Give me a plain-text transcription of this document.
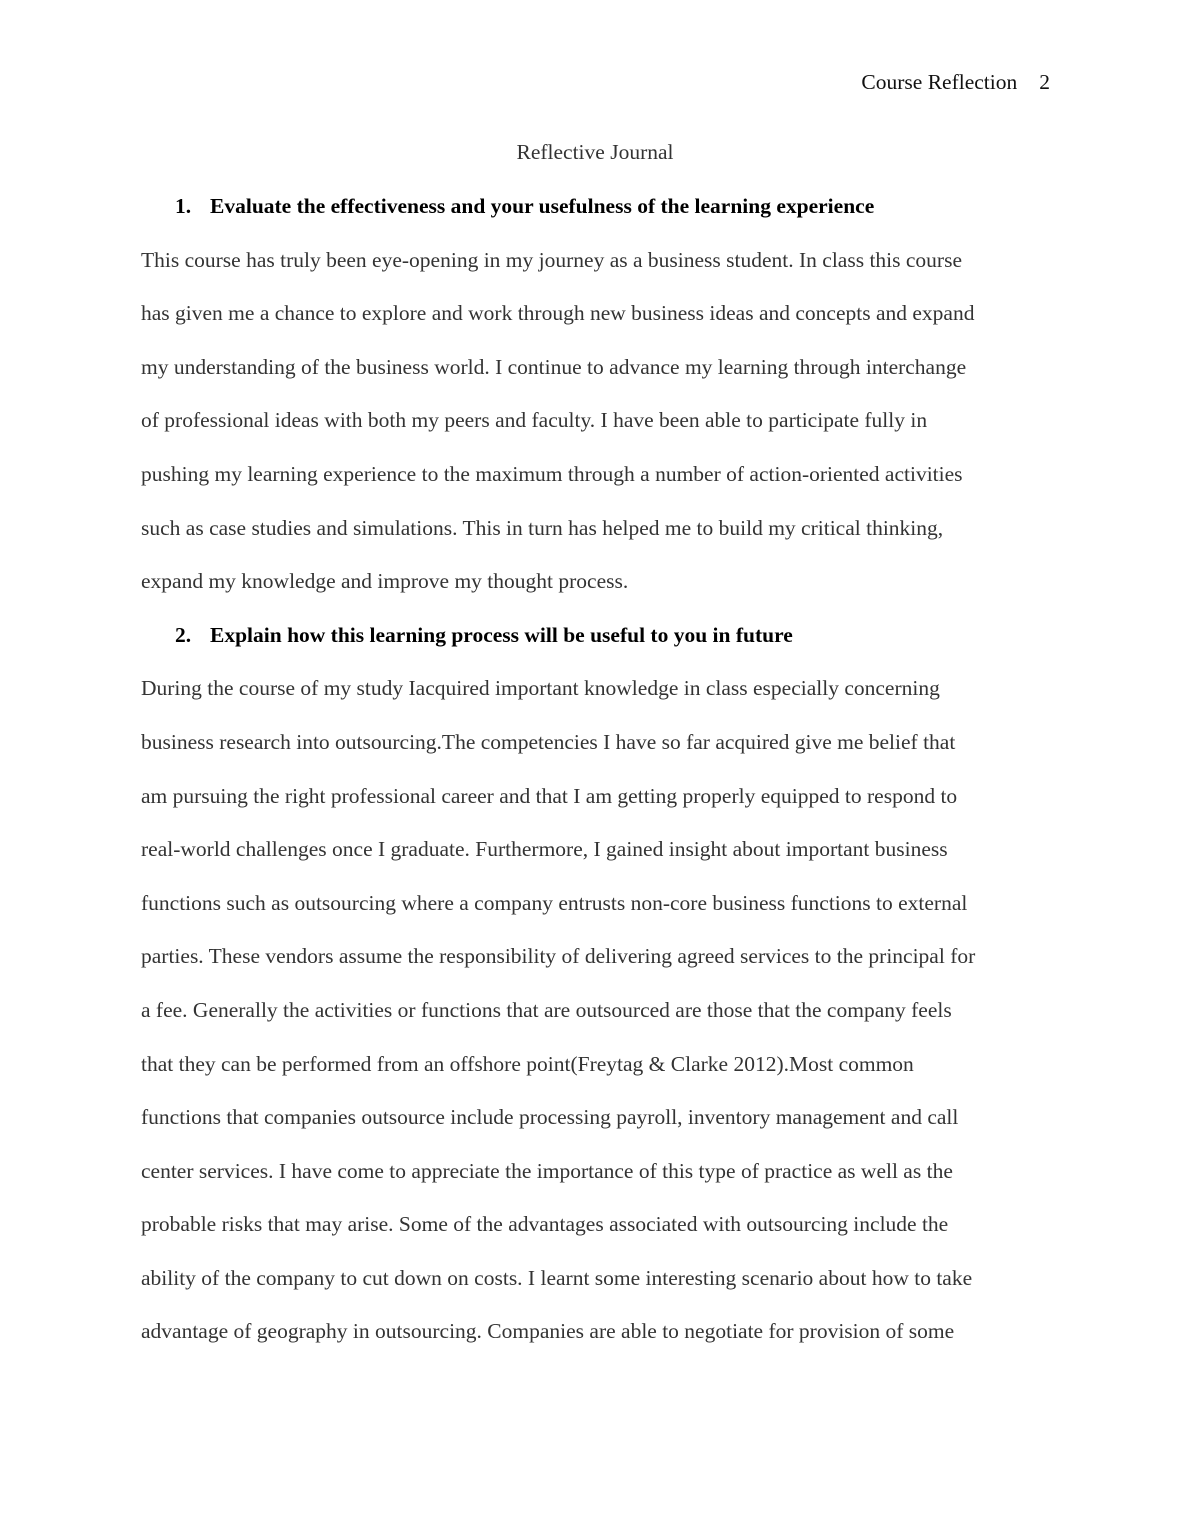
Course Reflection 2
Reflective Journal
1. Evaluate the effectiveness and your usefulness of the learning experience
This course has truly been eye-opening in my journey as a business student. In class this course
has given me a chance to explore and work through new business ideas and concepts and expand
my understanding of the business world. I continue to advance my learning through interchange
of professional ideas with both my peers and faculty. I have been able to participate fully in
pushing my learning experience to the maximum through a number of action-oriented activities
such as case studies and simulations. This in turn has helped me to build my critical thinking,
expand my knowledge and improve my thought process.
2. Explain how this learning process will be useful to you in future
During the course of my study Iacquired important knowledge in class especially concerning
business research into outsourcing.The competencies I have so far acquired give me belief that
am pursuing the right professional career and that I am getting properly equipped to respond to
real-world challenges once I graduate. Furthermore, I gained insight about important business
functions such as outsourcing where a company entrusts non-core business functions to external
parties. These vendors assume the responsibility of delivering agreed services to the principal for
a fee. Generally the activities or functions that are outsourced are those that the company feels
that they can be performed from an offshore point(Freytag & Clarke 2012).Most common
functions that companies outsource include processing payroll, inventory management and call
center services. I have come to appreciate the importance of this type of practice as well as the
probable risks that may arise. Some of the advantages associated with outsourcing include the
ability of the company to cut down on costs. I learnt some interesting scenario about how to take
advantage of geography in outsourcing. Companies are able to negotiate for provision of some
